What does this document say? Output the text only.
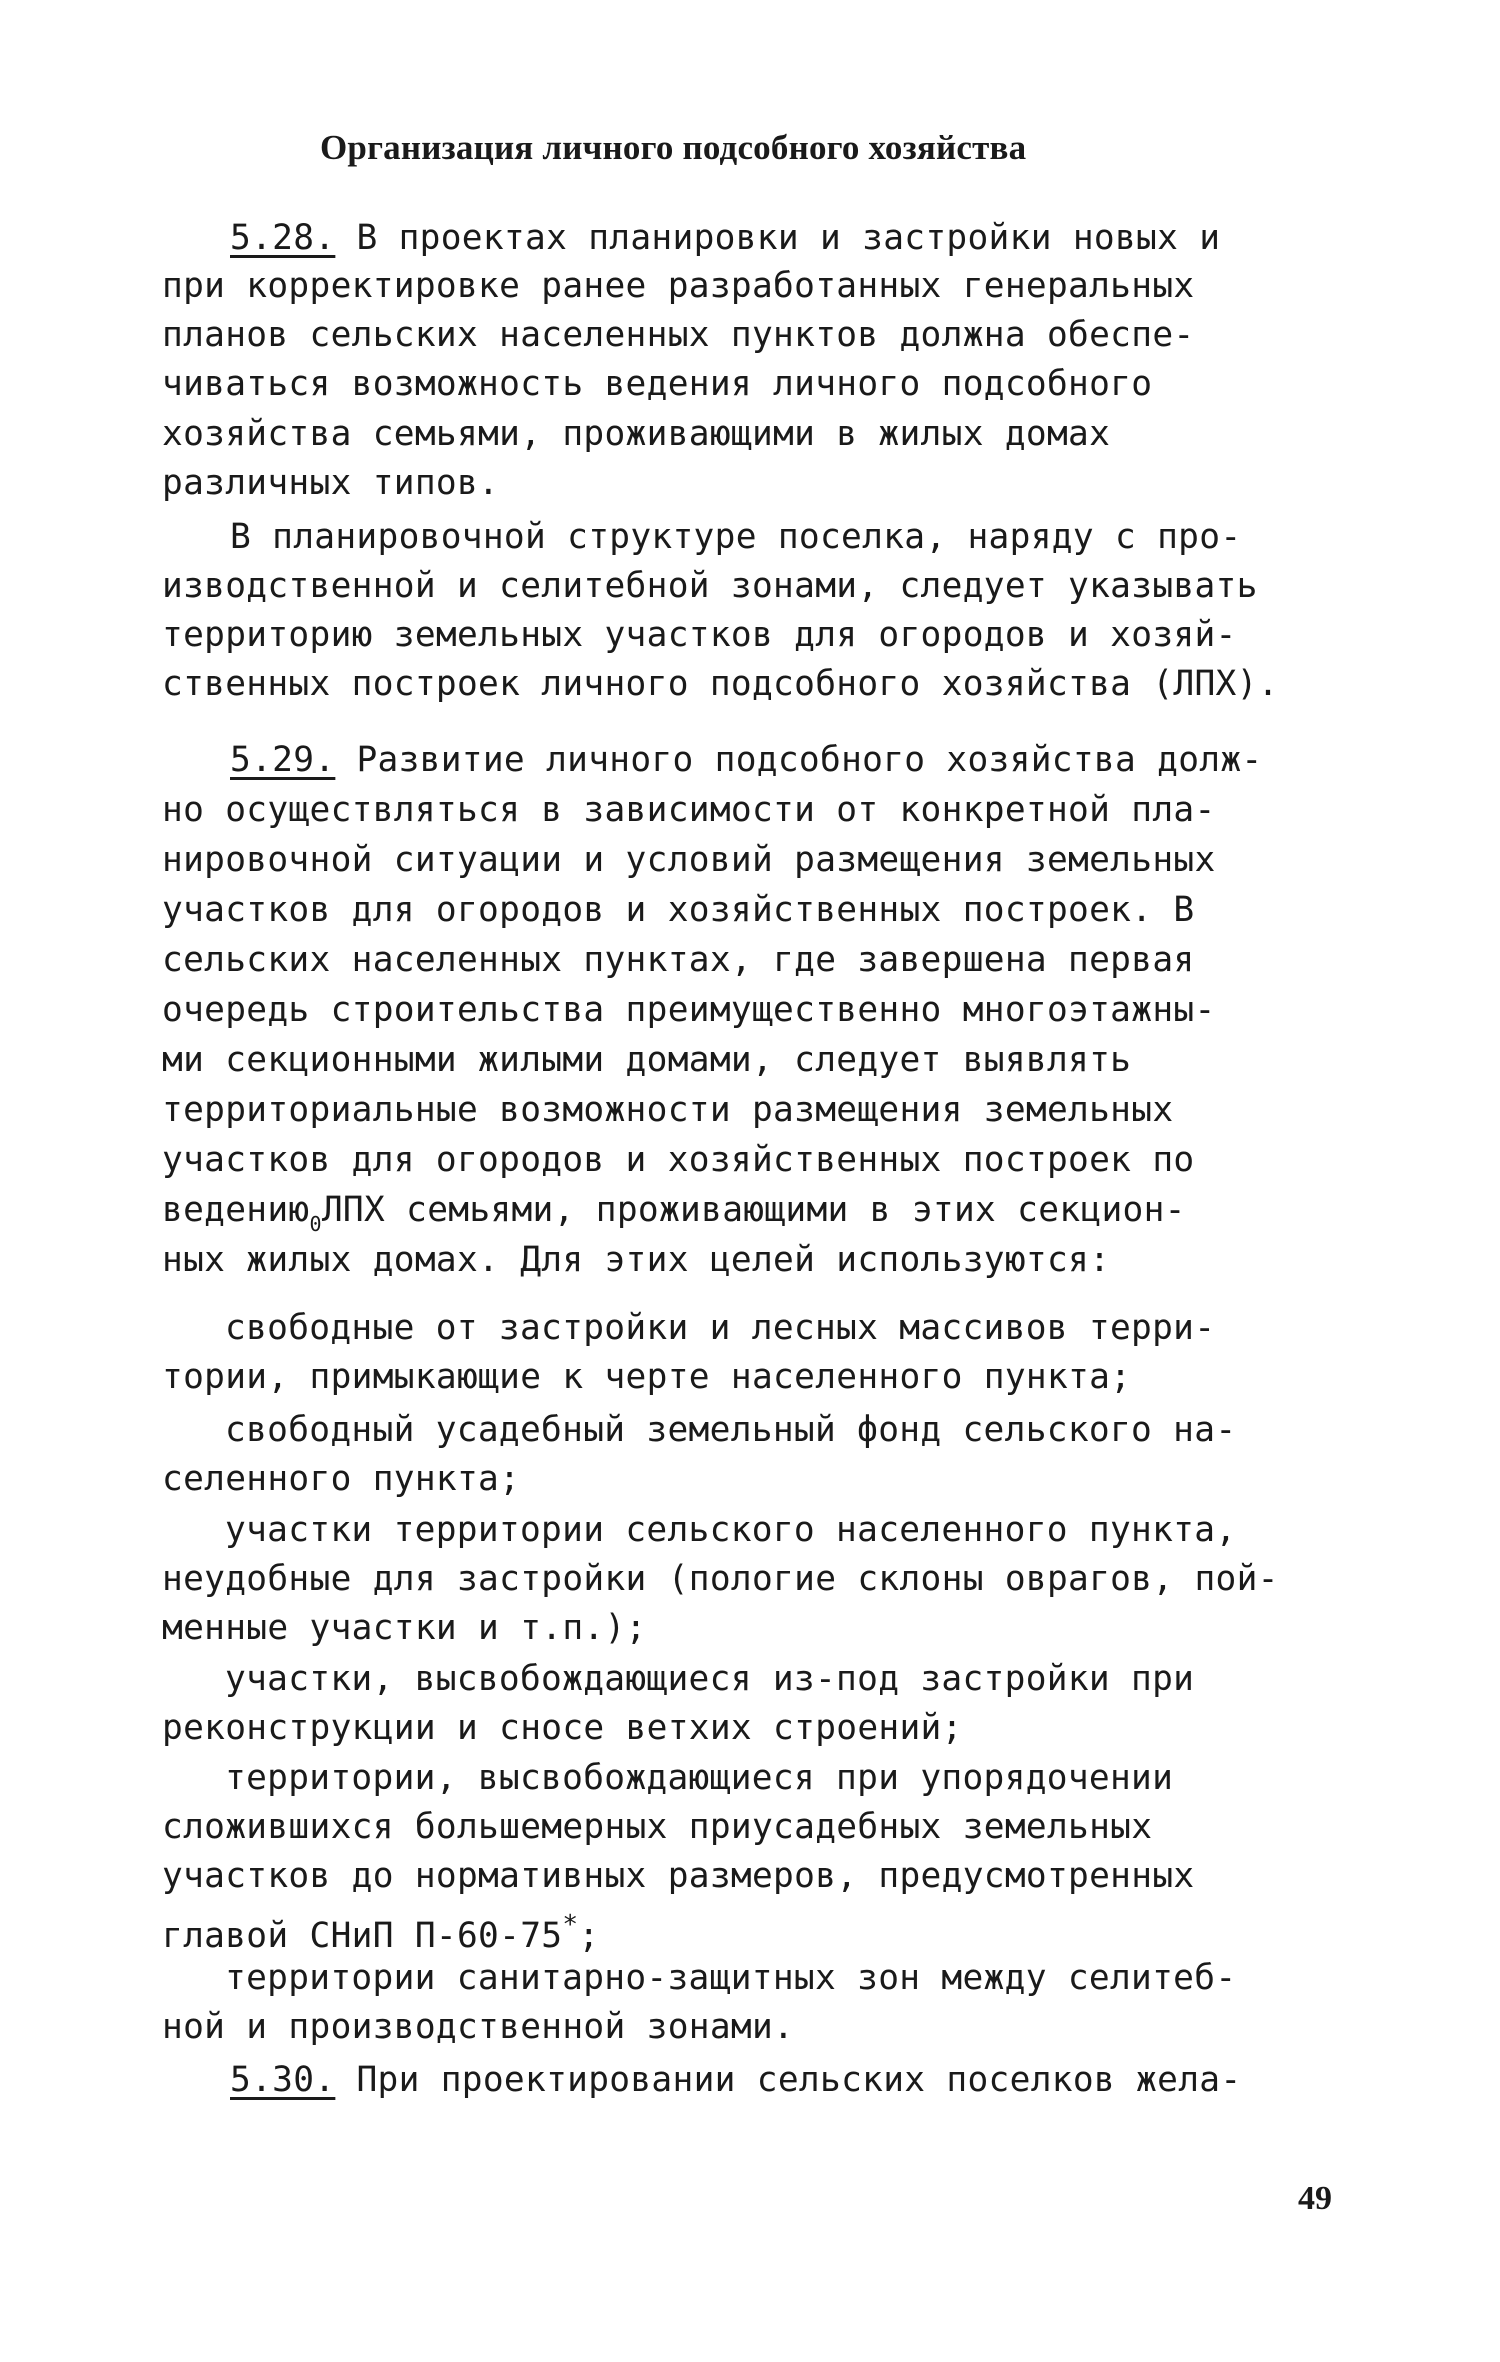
Организация личного подсобного хозяйства
5.28. В проектах планировки и застройки новых и
при корректировке ранее разработанных генеральных
планов сельских населенных пунктов должна обеспе-
чиваться возможность ведения личного подсобного
хозяйства семьями, проживающими в жилых домах
различных типов.
В планировочной структуре поселка, наряду с про-
изводственной и селитебной зонами, следует указывать
территорию земельных участков для огородов и хозяй-
ственных построек личного подсобного хозяйства (ЛПХ).
5.29. Развитие личного подсобного хозяйства долж-
но осуществляться в зависимости от конкретной пла-
нировочной ситуации и условий размещения земельных
участков для огородов и хозяйственных построек. В
сельских населенных пунктах, где завершена первая
очередь строительства преимущественно многоэтажны-
ми секционными жилыми домами, следует выявлять
территориальные возможности размещения земельных
участков для огородов и хозяйственных построек по
ведению$_0$ЛПХ семьями, проживающими в этих секцион-
ных жилых домах. Для этих целей используются:
свободные от застройки и лесных массивов терри-
тории, примыкающие к черте населенного пункта;
свободный усадебный земельный фонд сельского на-
селенного пункта;
участки территории сельского населенного пункта,
неудобные для застройки (пологие склоны оврагов, пой-
менные участки и т.п.);
участки, высвобождающиеся из-под застройки при
реконструкции и сносе ветхих строений;
территории, высвобождающиеся при упорядочении
сложившихся большемерных приусадебных земельных
участков до нормативных размеров, предусмотренных
главой СНиП П-60-75*;
территории санитарно-защитных зон между селитеб-
ной и производственной зонами.
5.30. При проектировании сельских поселков жела-
49
